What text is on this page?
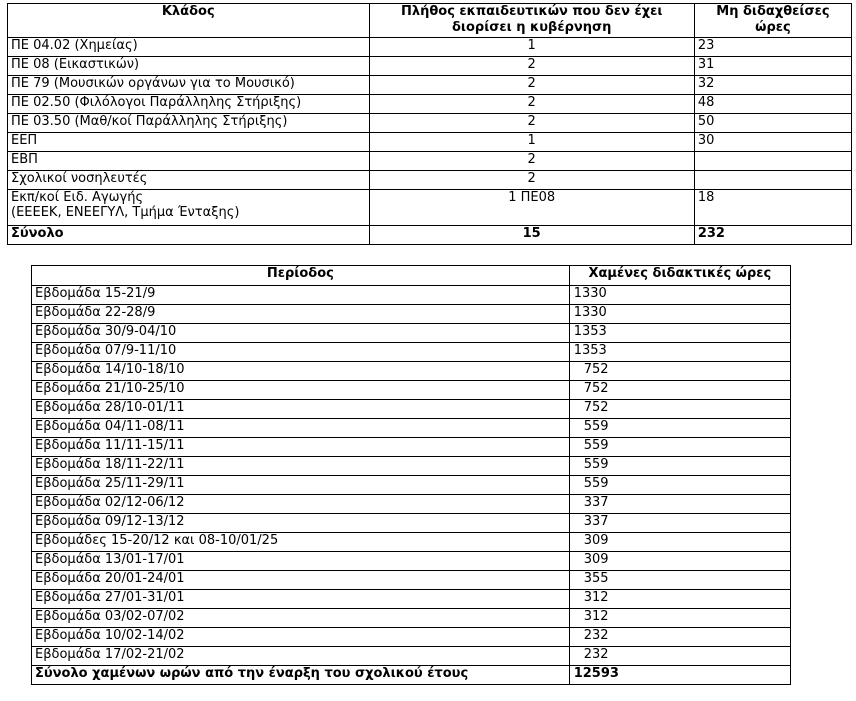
Κλάδος	Πλήθος εκπαιδευτικών που δεν έχει διορίσει η κυβέρνηση	Μη διδαχθείσες ώρες
ΠΕ 04.02 (Χημείας)	1	23
ΠΕ 08 (Εικαστικών)	2	31
ΠΕ 79 (Μουσικών οργάνων για το Μουσικό)	2	32
ΠΕ 02.50 (Φιλόλογοι Παράλληλης Στήριξης)	2	48
ΠΕ 03.50 (Μαθ/κοί Παράλληλης Στήριξης)	2	50
ΕΕΠ	1	30
ΕΒΠ	2	
Σχολικοί νοσηλευτές	2	

Εκπ/κοί Ειδ. Αγωγής
(ΕΕΕΕΚ, ΕΝΕΕΓΥΛ, Τμήμα Ένταξης)	1 ΠΕ08	18
Σύνολο	15	232
Περίοδος	Χαμένες διδακτικές ώρες
Εβδομάδα 15-21/9	1330
Εβδομάδα 22-28/9	1330
Εβδομάδα 30/9-04/10	1353
Εβδομάδα 07/9-11/10	1353
Εβδομάδα 14/10-18/10	752
Εβδομάδα 21/10-25/10	752
Εβδομάδα 28/10-01/11	752
Εβδομάδα 04/11-08/11	559
Εβδομάδα 11/11-15/11	559
Εβδομάδα 18/11-22/11	559
Εβδομάδα 25/11-29/11	559
Εβδομάδα 02/12-06/12	337
Εβδομάδα 09/12-13/12	337
Εβδομάδες 15-20/12 και 08-10/01/25	309
Εβδομάδα 13/01-17/01	309
Εβδομάδα 20/01-24/01	355
Εβδομάδα 27/01-31/01	312
Εβδομάδα 03/02-07/02	312
Εβδομάδα 10/02-14/02	232
Εβδομάδα 17/02-21/02	232
Σύνολο χαμένων ωρών από την έναρξη του σχολικού έτους	12593
